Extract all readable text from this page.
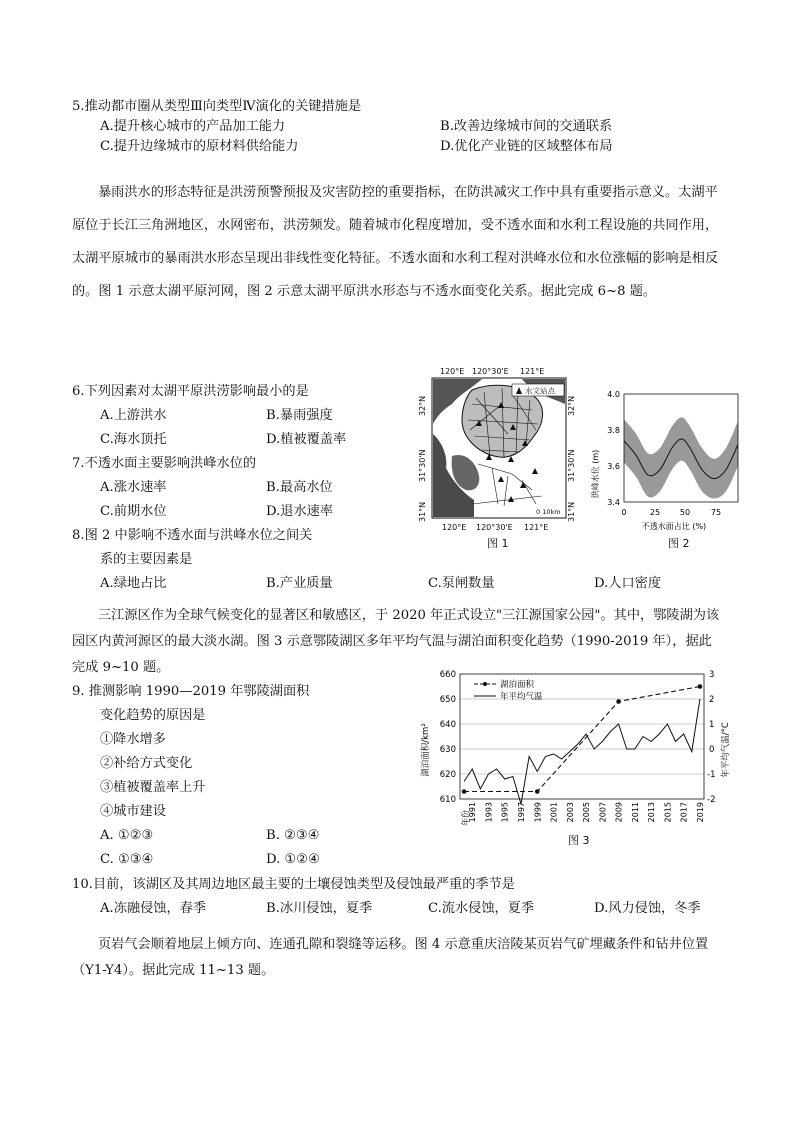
5.推动都市圈从类型Ⅲ向类型Ⅳ演化的关键措施是
A.提升核心城市的产品加工能力	B.改善边缘城市间的交通联系
C.提升边缘城市的原材料供给能力	D.优化产业链的区域整体布局
暴雨洪水的形态特征是洪涝预警预报及灾害防控的重要指标，在防洪减灾工作中具有重要指示意义。太湖平原位于长江三角洲地区，水网密布，洪涝频发。随着城市化程度增加，受不透水面和水利工程设施的共同作用，太湖平原城市的暴雨洪水形态呈现出非线性变化特征。不透水面和水利工程对洪峰水位和水位涨幅的影响是相反的。图 1 示意太湖平原河网，图 2 示意太湖平原洪水形态与不透水面变化关系。据此完成 6~8 题。
6.下列因素对太湖平原洪涝影响最小的是
A.上游洪水	B.暴雨强度
C.海水顶托	D.植被覆盖率
7.不透水面主要影响洪峰水位的
A.涨水速率	B.最高水位
C.前期水位	D.退水速率
8.图 2 中影响不透水面与洪峰水位之间关
系的主要因素是
A.绿地占比	B.产业质量	C.泵闸数量	D.人口密度
120°E 120°30'E 121°E
120°E 120°30'E 121°E
32°N
31°30'N
31°N
32°N
31°30'N
31°N
水文站点
0 10km
图 1
洪峰水位 (m)
4.0
3.8
3.6
3.4
0	25 50	75
不透水面占比 (%)
图 2
三江源区作为全球气候变化的显著区和敏感区，于 2020 年正式设立"三江源国家公园"。其中，鄂陵湖为该园区内黄河源区的最大淡水湖。图 3 示意鄂陵湖区多年平均气温与湖泊面积变化趋势（1990-2019 年），据此完成 9~10 题。
9. 推测影响 1990—2019 年鄂陵湖面积
变化趋势的原因是
①降水增多
②补给方式变化
③植被覆盖率上升
④城市建设
A. ①②③	B. ②③④
C. ①③④	D. ①②④
湖泊面积/km²	年平均气温/°C
660
650
640
630
620
610
3
2
1
0
-1
-2
1991 1993 1995 1997 1999 2001 2003 2005 2007 2009 2011 2013 2015 2017 2019
年份
湖泊面积
年平均气温
图 3
10.目前，该湖区及其周边地区最主要的土壤侵蚀类型及侵蚀最严重的季节是
A.冻融侵蚀，春季	B.冰川侵蚀，夏季	C.流水侵蚀，夏季	D.风力侵蚀，冬季
页岩气会顺着地层上倾方向、连通孔隙和裂缝等运移。图 4 示意重庆涪陵某页岩气矿埋藏条件和钻井位置（Y1-Y4）。据此完成 11~13 题。
